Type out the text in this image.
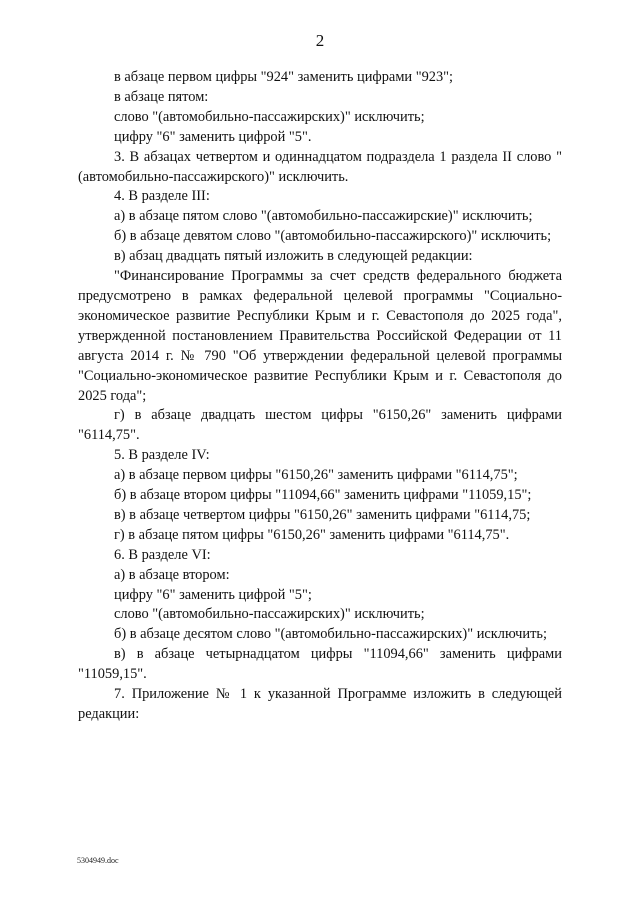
2

в абзаце первом цифры "924" заменить цифрами "923";

в абзаце пятом:

слово "(автомобильно-пассажирских)" исключить;

цифру "6" заменить цифрой "5".

3. В абзацах четвертом и одиннадцатом подраздела 1 раздела II слово "(автомобильно-пассажирского)" исключить.

4. В разделе III:

а) в абзаце пятом слово "(автомобильно-пассажирские)" исключить;

б) в абзаце девятом слово "(автомобильно-пассажирского)" исключить;

в) абзац двадцать пятый изложить в следующей редакции:

"Финансирование Программы за счет средств федерального бюджета предусмотрено в рамках федеральной целевой программы "Социально-экономическое развитие Республики Крым и г. Севастополя до 2025 года", утвержденной постановлением Правительства Российской Федерации от 11 августа 2014 г. № 790 "Об утверждении федеральной целевой программы "Социально-экономическое развитие Республики Крым и г. Севастополя до 2025 года";

г) в абзаце двадцать шестом цифры "6150,26" заменить цифрами "6114,75".

5. В разделе IV:

а) в абзаце первом цифры "6150,26" заменить цифрами "6114,75";

б) в абзаце втором цифры "11094,66" заменить цифрами "11059,15";

в) в абзаце четвертом цифры "6150,26" заменить цифрами "6114,75;

г) в абзаце пятом цифры "6150,26" заменить цифрами "6114,75".

6. В разделе VI:

а) в абзаце втором:

цифру "6" заменить цифрой "5";

слово "(автомобильно-пассажирских)" исключить;

б) в абзаце десятом слово "(автомобильно-пассажирских)" исключить;

в) в абзаце четырнадцатом цифры "11094,66" заменить цифрами "11059,15".

7. Приложение № 1 к указанной Программе изложить в следующей редакции:

5304949.doc
